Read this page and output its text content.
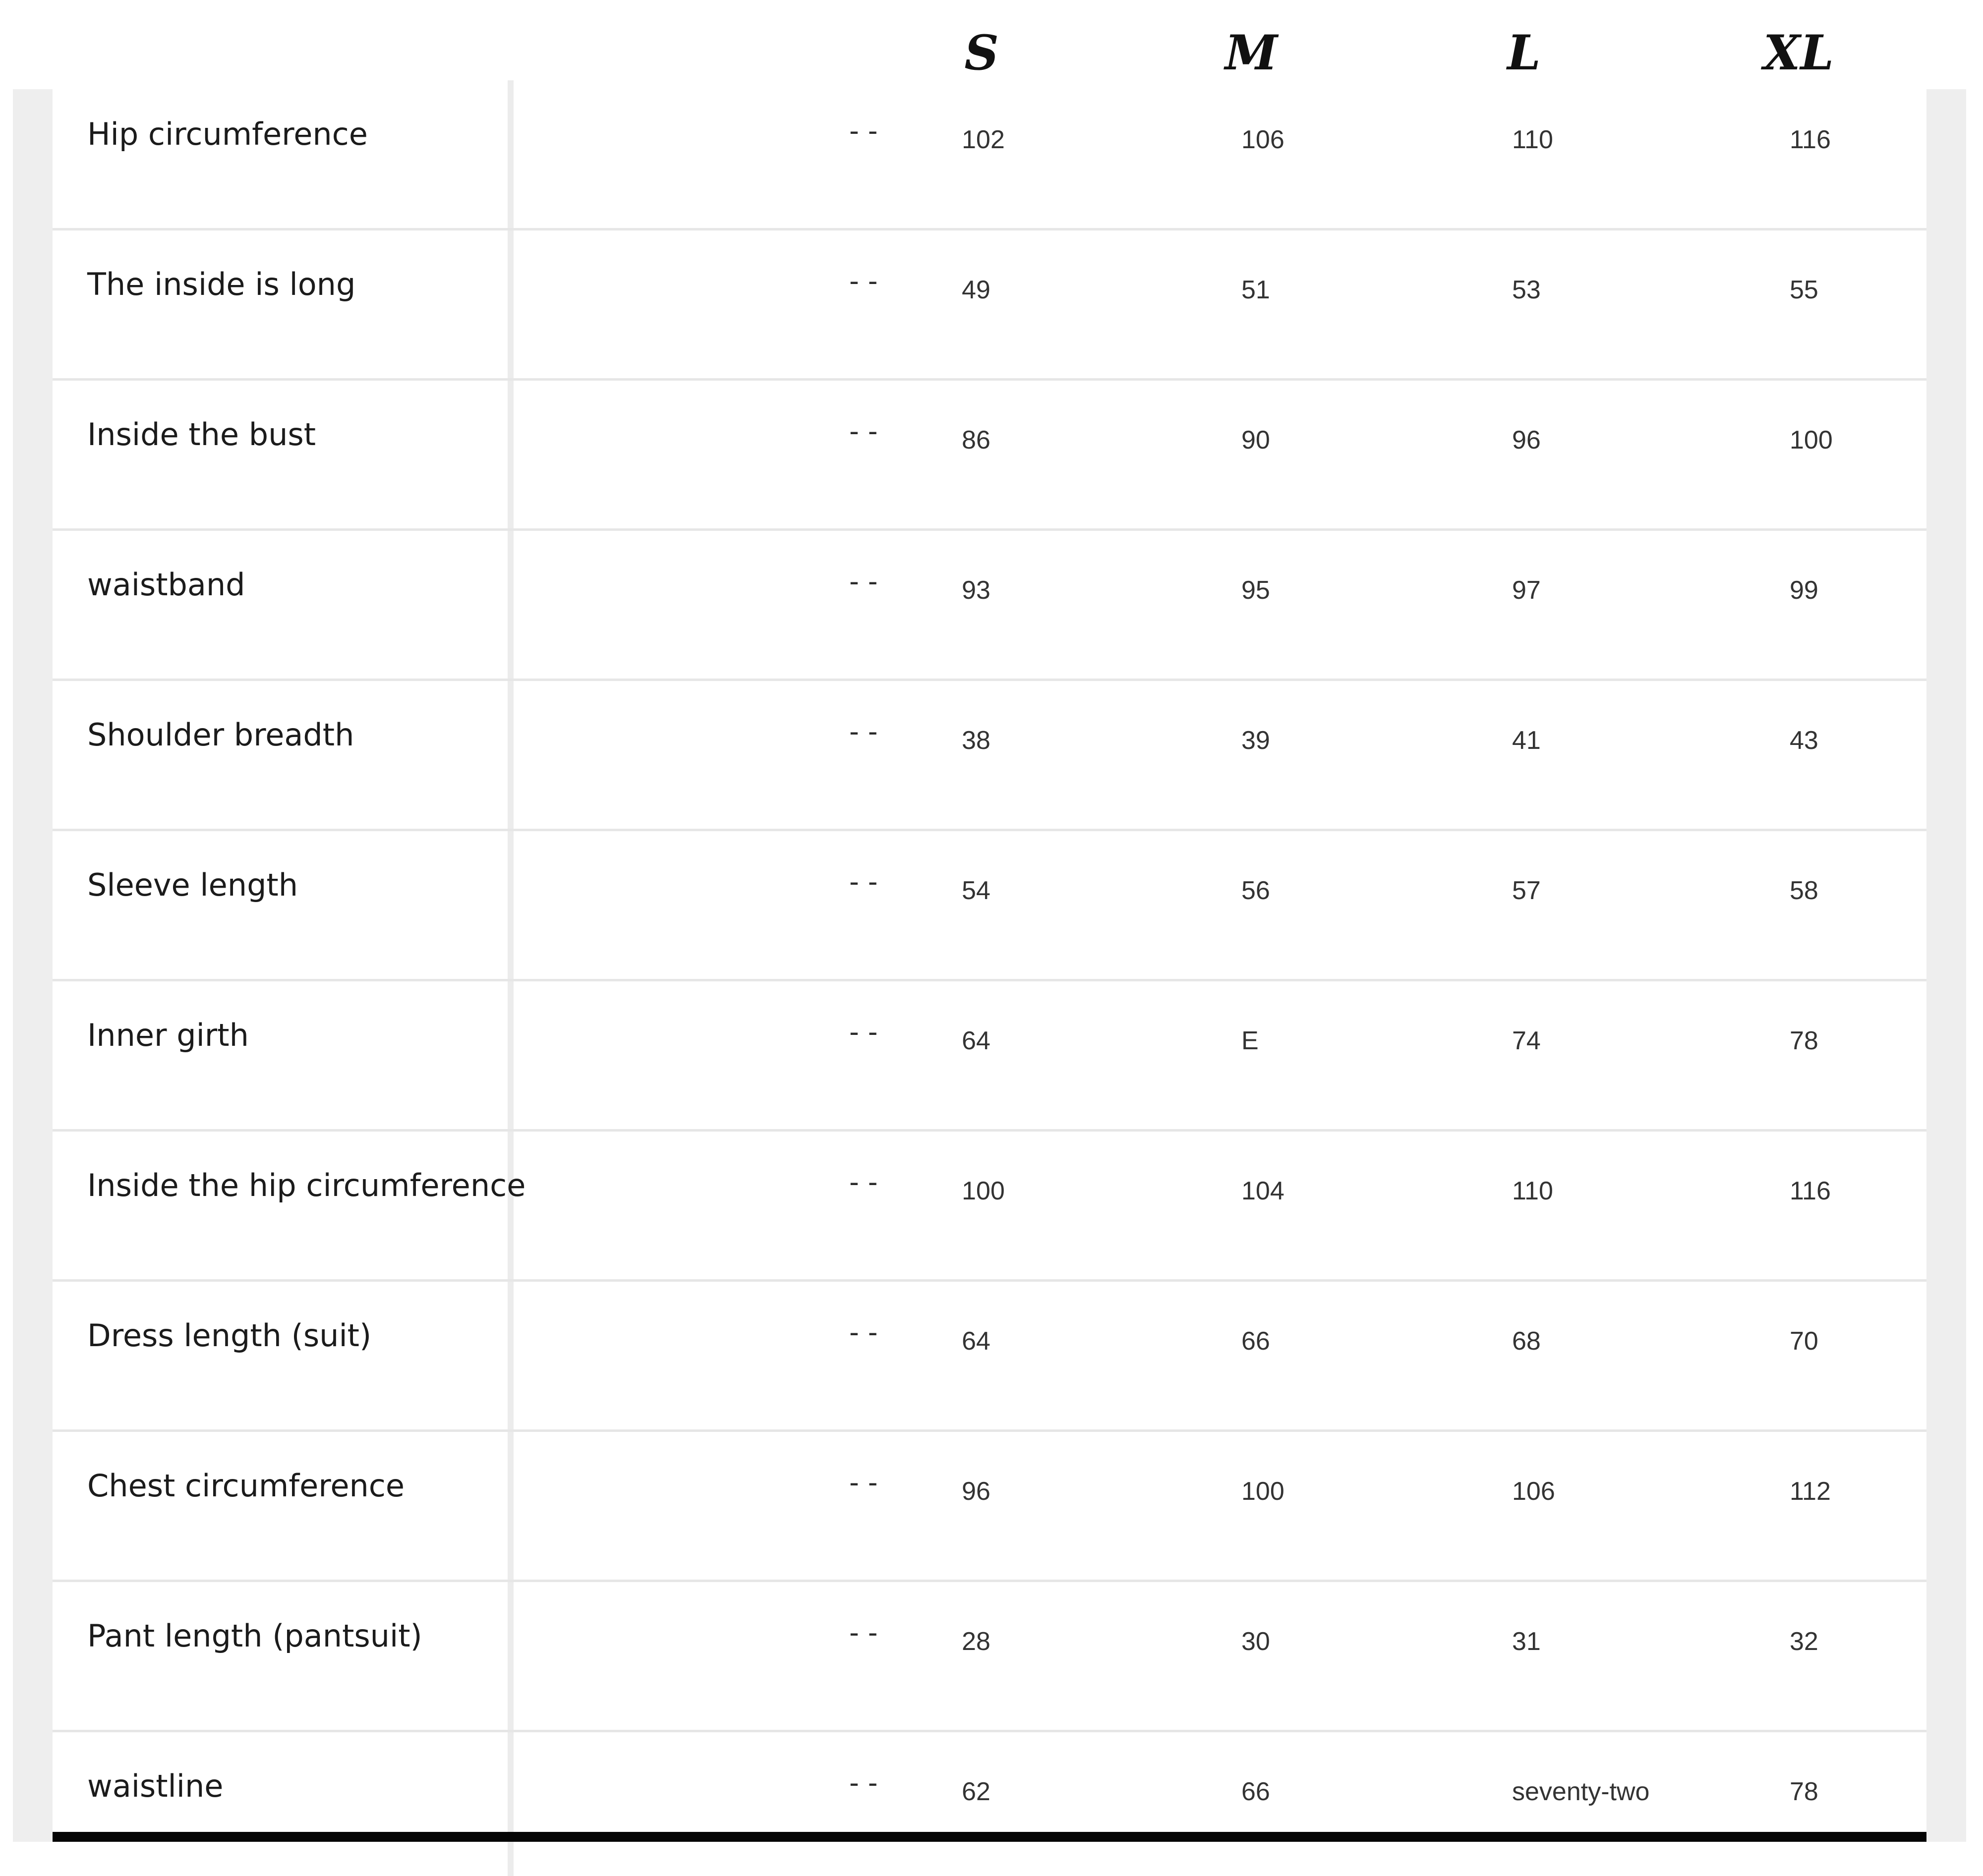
S	M	L	XL
Hip circumference	--	102	106	110	116
The inside is long	--	49	51	53	55
Inside the bust	--	86	90	96	100
waistband	--	93	95	97	99
Shoulder breadth	--	38	39	41	43
Sleeve length	--	54	56	57	58
Inner girth	--	64	E	74	78
Inside the hip circumference	--	100	104	110	116
Dress length (suit)	--	64	66	68	70
Chest circumference	--	96	100	106	112
Pant length (pantsuit)	--	28	30	31	32
waistline	--	62	66	seventy-two	78
